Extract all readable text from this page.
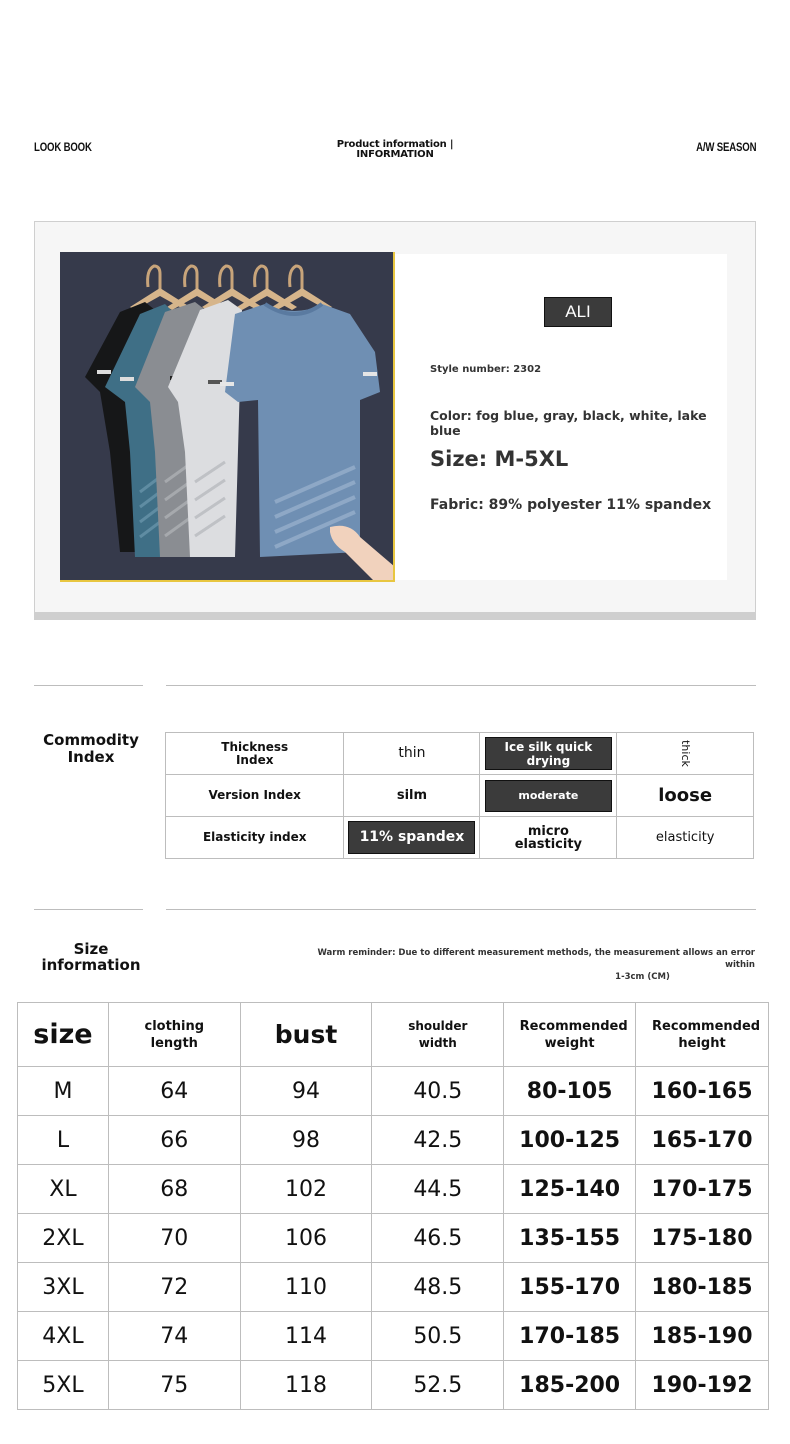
LOOK BOOK	Product information |
INFORMATION
A/W SEASON
ALI
Style number: 2302
Color: fog blue, gray, black, white, lake blue
Size: M-5XL
Fabric: 89% polyester 11% spandex
Commodity Index
Thickness Index	thin	Ice silk quick drying	thick
Version Index	silm	moderate	loose
Elasticity index	11% spandex	micro elasticity	elasticity
Size information
Warm reminder: Due to different measurement methods, the measurement allows an error within
1-3cm (CM)
size	clothing length	bust	shoulder width	Recommended weight	Recommended height
M	64	94	40.5	80-105	160-165
L	66	98	42.5	100-125	165-170
XL	68	102	44.5	125-140	170-175
2XL	70	106	46.5	135-155	175-180
3XL	72	110	48.5	155-170	180-185
4XL	74	114	50.5	170-185	185-190
5XL	75	118	52.5	185-200	190-192
